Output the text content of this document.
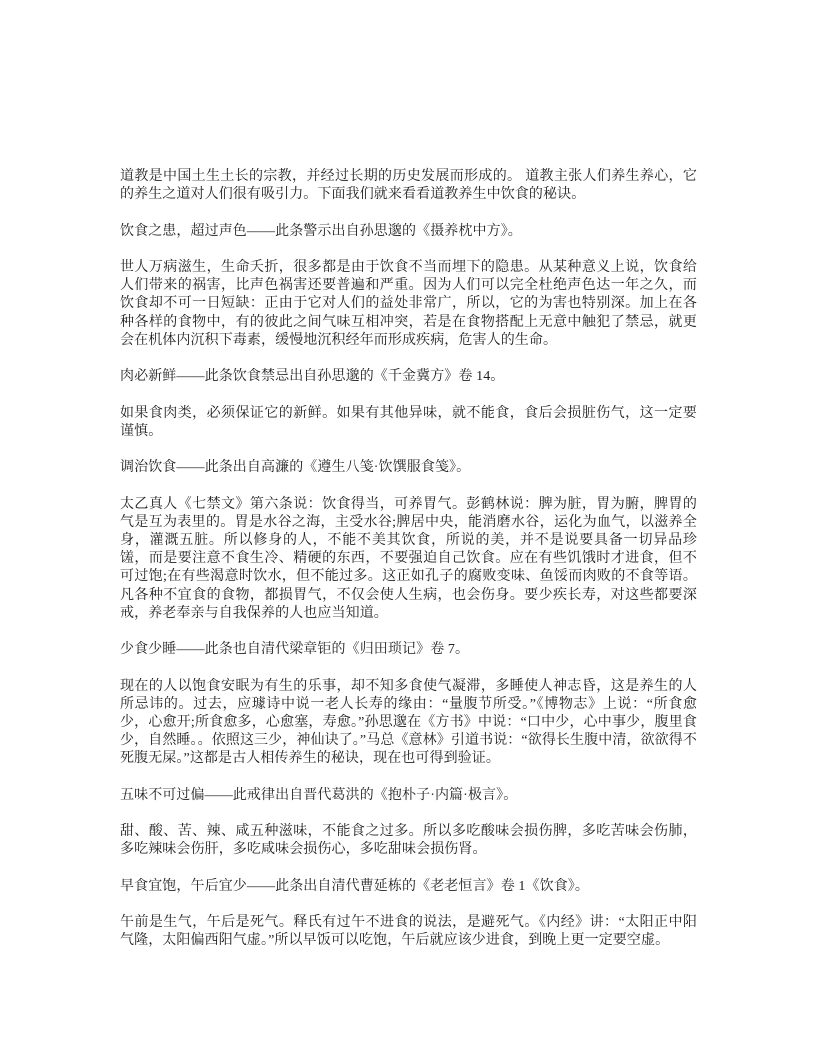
道教是中国土生土长的宗教，并经过长期的历史发展而形成的。 道教主张人们养生养心，它的养生之道对人们很有吸引力。下面我们就来看看道教养生中饮食的秘诀。

饮食之患，超过声色——此条警示出自孙思邈的《摄养枕中方》。

世人万病滋生，生命夭折，很多都是由于饮食不当而埋下的隐患。从某种意义上说，饮食给人们带来的祸害，比声色祸害还要普遍和严重。因为人们可以完全杜绝声色达一年之久，而饮食却不可一日短缺：正由于它对人们的益处非常广，所以，它的为害也特别深。加上在各种各样的食物中，有的彼此之间气味互相冲突，若是在食物搭配上无意中触犯了禁忌，就更会在机体内沉积下毒素，缓慢地沉积经年而形成疾病，危害人的生命。

肉必新鲜——此条饮食禁忌出自孙思邈的《千金冀方》卷 14。

如果食肉类，必须保证它的新鲜。如果有其他异味，就不能食，食后会损脏伤气，这一定要谨慎。

调治饮食——此条出自高濂的《遵生八笺·饮馔服食笺》。

太乙真人《七禁文》第六条说：饮食得当，可养胃气。彭鹤林说：脾为脏，胃为腑，脾胃的气是互为表里的。胃是水谷之海，主受水谷;脾居中央，能消磨水谷，运化为血气，以滋养全身，灌溉五脏。所以修身的人，不能不美其饮食，所说的美，并不是说要具备一切异品珍馐，而是要注意不食生冷、精硬的东西，不要强迫自己饮食。应在有些饥饿时才进食，但不可过饱;在有些渴意时饮水，但不能过多。这正如孔子的腐败变味、鱼馁而肉败的不食等语。凡各种不宜食的食物，都损胃气，不仅会使人生病，也会伤身。要少疾长寿，对这些都要深戒，养老奉亲与自我保养的人也应当知道。

少食少睡——此条也自清代梁章钜的《归田琐记》卷 7。

现在的人以饱食安眠为有生的乐事，却不知多食使气凝滞，多睡使人神志昏，这是养生的人所忌讳的。过去，应璩诗中说一老人长寿的缘由：“量腹节所受。”《博物志》上说：“所食愈少，心愈开;所食愈多，心愈塞，寿愈。”孙思邈在《方书》中说：“口中少，心中事少，腹里食少，自然睡。。依照这三少，神仙诀了。”马总《意林》引道书说：“欲得长生腹中清，欲欲得不死腹无屎。”这都是古人相传养生的秘诀，现在也可得到验证。

五味不可过偏——此戒律出自晋代葛洪的《抱朴子·内篇·极言》。

甜、酸、苦、辣、咸五种滋味，不能食之过多。所以多吃酸味会损伤脾，多吃苦味会伤肺，多吃辣味会伤肝，多吃咸味会损伤心，多吃甜味会损伤肾。

早食宜饱，午后宜少——此条出自清代曹延栋的《老老恒言》卷 1《饮食》。

午前是生气，午后是死气。释氏有过午不进食的说法，是避死气。《内经》讲：“太阳正中阳气隆，太阳偏西阳气虚。”所以早饭可以吃饱，午后就应该少进食，到晚上更一定要空虚。
